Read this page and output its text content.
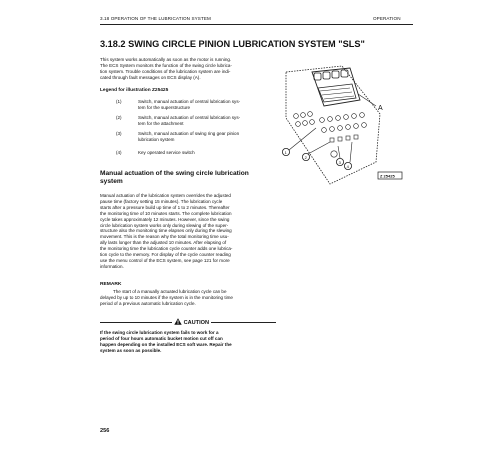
3.18 OPERATION OF THE LUBRICATION SYSTEM	OPERATION
3.18.2 SWING CIRCLE PINION LUBRICATION SYSTEM "SLS"
This system works automatically as soon as the motor is running.
The ECS System monitors the function of the swing circle lubrica-
tion system. Trouble conditions of the lubrication system are indi-
cated through fault messages on ECS display (A).
Legend for illustration Z25425
(1)	Switch, manual actuation of central lubrication sys-
tem for the superstructure
(2)	Switch, manual actuation of central lubrication sys-
tem for the attachment
(3)	Switch, manual actuation of swing ring gear pinion
lubrication system
(4)	Key operated service switch
A
1
2
3
4
Z 25425
Manual actuation of the swing circle lubrication
system
Manual actuation of the lubrication system overrides the adjusted
pause time (factory setting 15 minutes). The lubrication cycle
starts after a pressure build up time of 1 to 2 minutes. Thereafter
the monitoring time of 10 minutes starts. The complete lubrication
cycle takes approximately 12 minutes. However, since the swing
circle lubrication system works only during slewing of the super-
structure also the monitoring time elapses only during the slewing
movement. This is the reason why the total monitoring time usu-
ally lasts longer than the adjusted 10 minutes. After elapsing of
the monitoring time the lubrication cycle counter adds one lubrica-
tion cycle to the memory. For display of the cycle counter reading
use the menu control of the ECS system, see page 121 for more
information.
REMARK
The start of a manually actuated lubrication cycle can be
delayed by up to 10 minutes if the system is in the monitoring time
period of a previous automatic lubrication cycle.
CAUTION
If the swing circle lubrication system fails to work for a
period of four hours automatic bucket motion cut off can
happen depending on the installed ECS soft ware. Repair the
system as soon as possible.
256
